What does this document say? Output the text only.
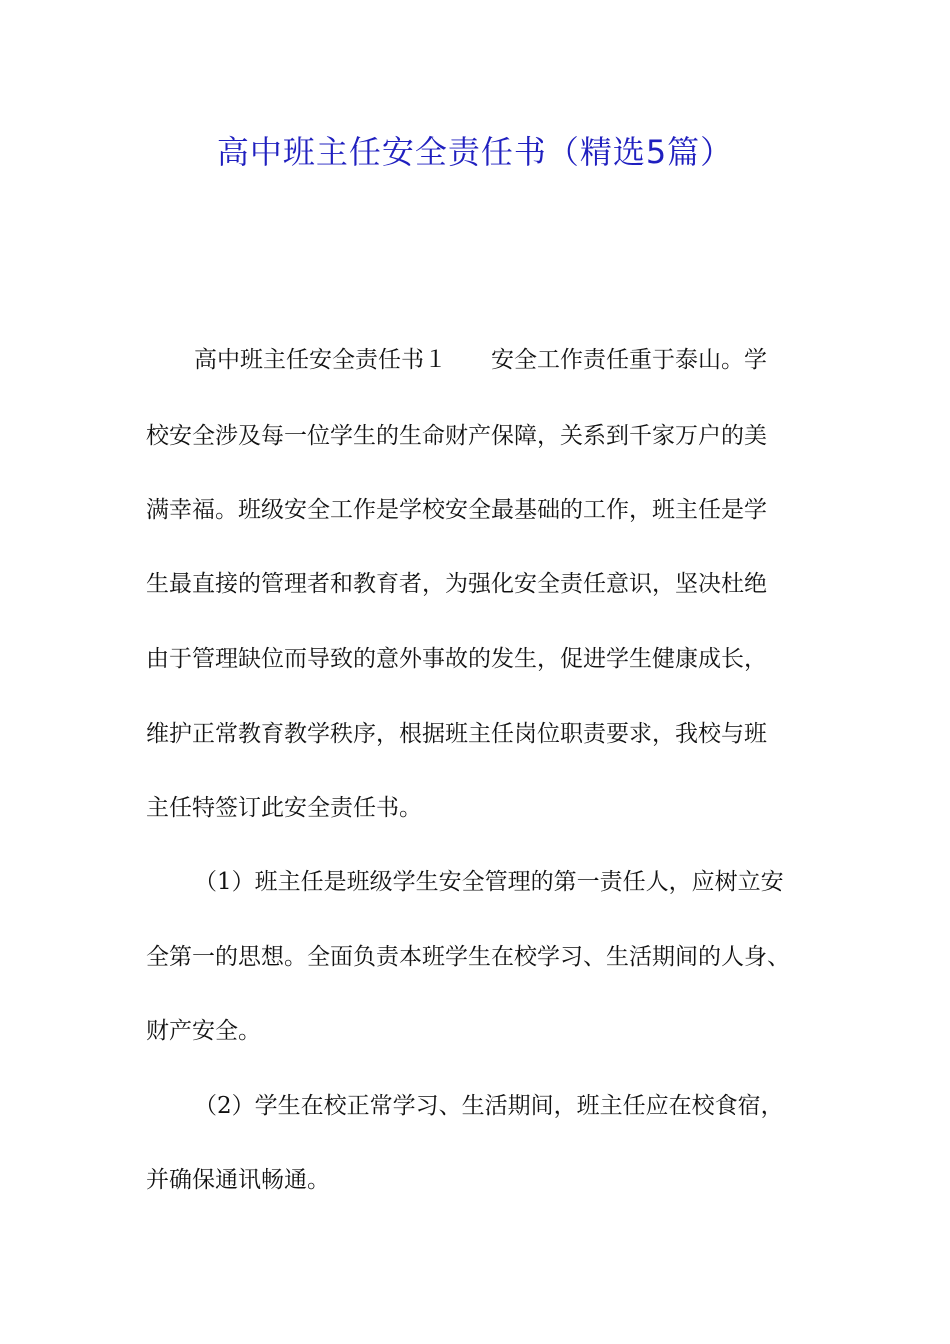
高中班主任安全责任书（精选5篇）
高中班主任安全责任书１ 安全工作责任重于泰山。学
校安全涉及每一位学生的生命财产保障，关系到千家万户的美
满幸福。班级安全工作是学校安全最基础的工作，班主任是学
生最直接的管理者和教育者，为强化安全责任意识，坚决杜绝
由于管理缺位而导致的意外事故的发生，促进学生健康成长，
维护正常教育教学秩序，根据班主任岗位职责要求，我校与班
主任特签订此安全责任书。
（1）班主任是班级学生安全管理的第一责任人，应树立安
全第一的思想。全面负责本班学生在校学习、生活期间的人身、
财产安全。
（2）学生在校正常学习、生活期间，班主任应在校食宿，
并确保通讯畅通。
